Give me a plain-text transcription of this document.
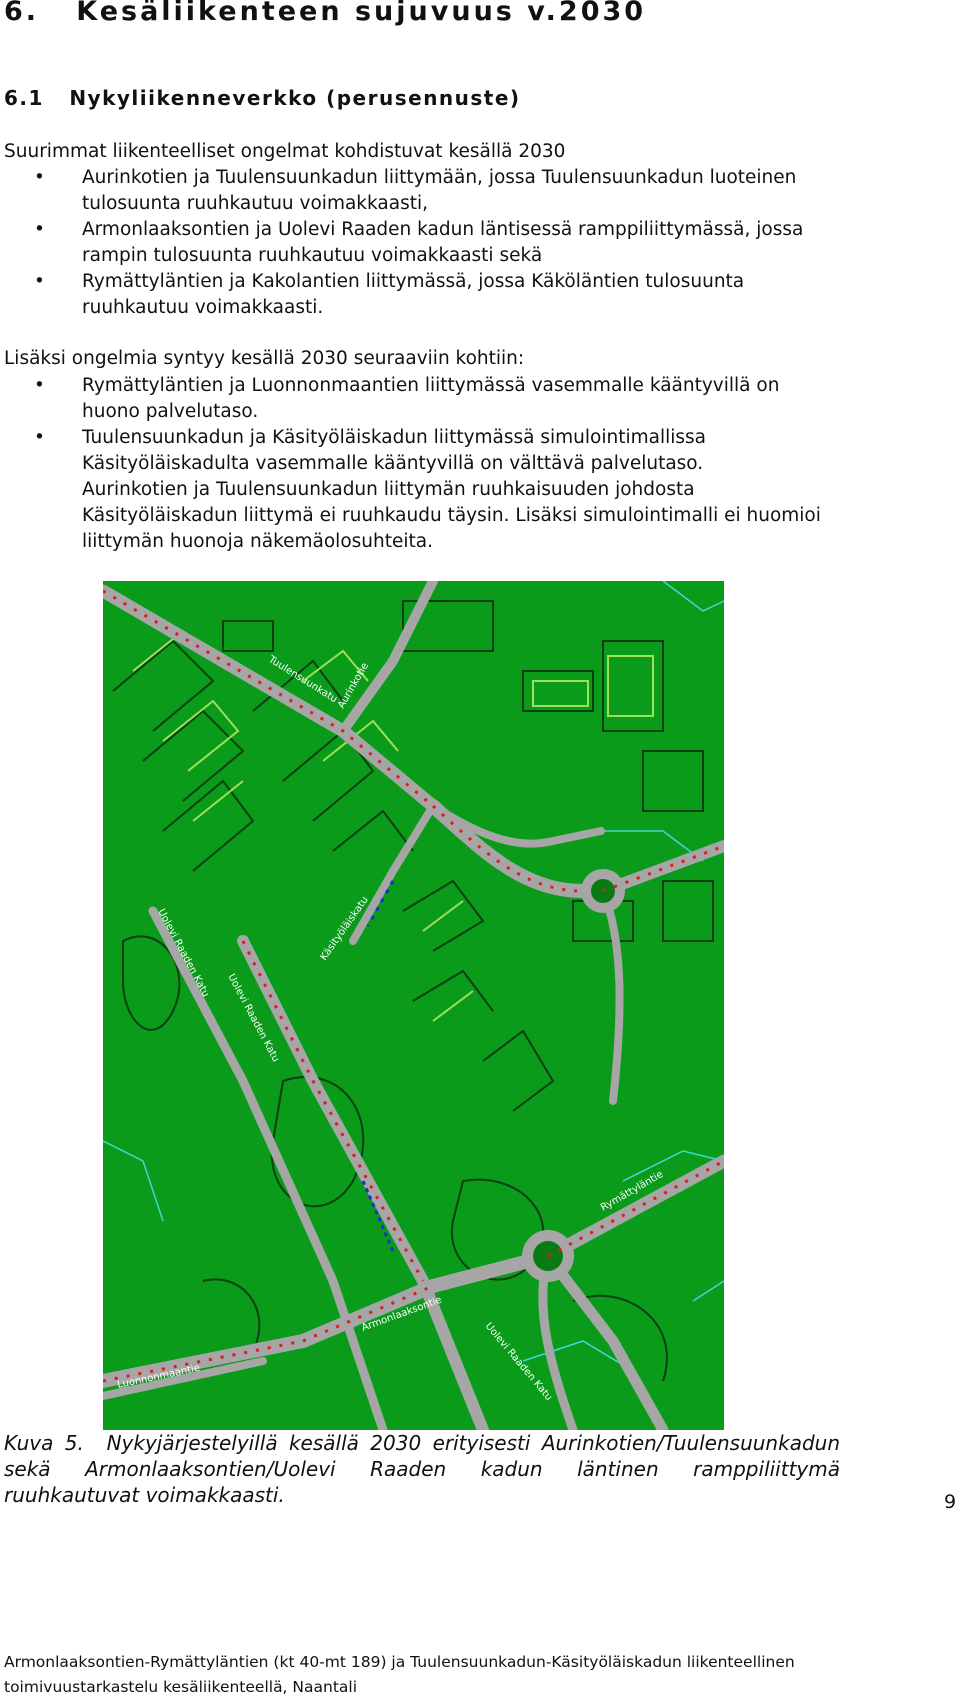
6.   Kesäliikenteen sujuvuus v.2030
6.1   Nykyliikenneverkko (perusennuste)

Suurimmat liikenteelliset ongelmat kohdistuvat kesällä 2030

• Aurinkotien ja Tuulensuunkadun liittymään, jossa Tuulensuunkadun luoteinen tulosuunta ruuhkautuu voimakkaasti,
• Armonlaaksontien ja Uolevi Raaden kadun läntisessä ramppiliittymässä, jossa rampin tulosuunta ruuhkautuu voimakkaasti sekä
• Rymättyläntien ja Kakolantien liittymässä, jossa Käköläntien tulosuunta ruuhkautuu voimakkaasti.

Lisäksi ongelmia syntyy kesällä 2030 seuraaviin kohtiin:

• Rymättyläntien ja Luonnonmaantien liittymässä vasemmalle kääntyvillä on huono palvelutaso.
• Tuulensuunkadun ja Käsityöläiskadun liittymässä simulointimallissa Käsityöläiskadulta vasemmalle kääntyvillä on välttävä palvelutaso.
Aurinkotien ja Tuulensuunkadun liittymän ruuhkaisuuden johdosta Käsityöläiskadun liittymä ei ruuhkaudu täysin. Lisäksi simulointimalli ei huomioi liittymän huonoja näkemäolosuhteita.
Tuulensuunkatu
Aurinkotie
Käsityöläiskatu
Uolevi Raaden Katu
Uolevi Raaden Katu
Uolevi Raaden Katu
Armonlaaksontie
Luonnonmaantie
Rymättyläntie

Kuva 5.  Nykyjärjestelyillä kesällä 2030 erityisesti Aurinkotien/Tuulensuunkadun sekä Armonlaaksontien/Uolevi Raaden kadun läntinen ramppiliittymä ruuhkautuvat voimakkaasti.	9

Armonlaaksontien-Rymättyläntien (kt 40-mt 189) ja Tuulensuunkadun-Käsityöläiskadun liikenteellinen toimivuustarkastelu kesäliikenteellä, Naantali
